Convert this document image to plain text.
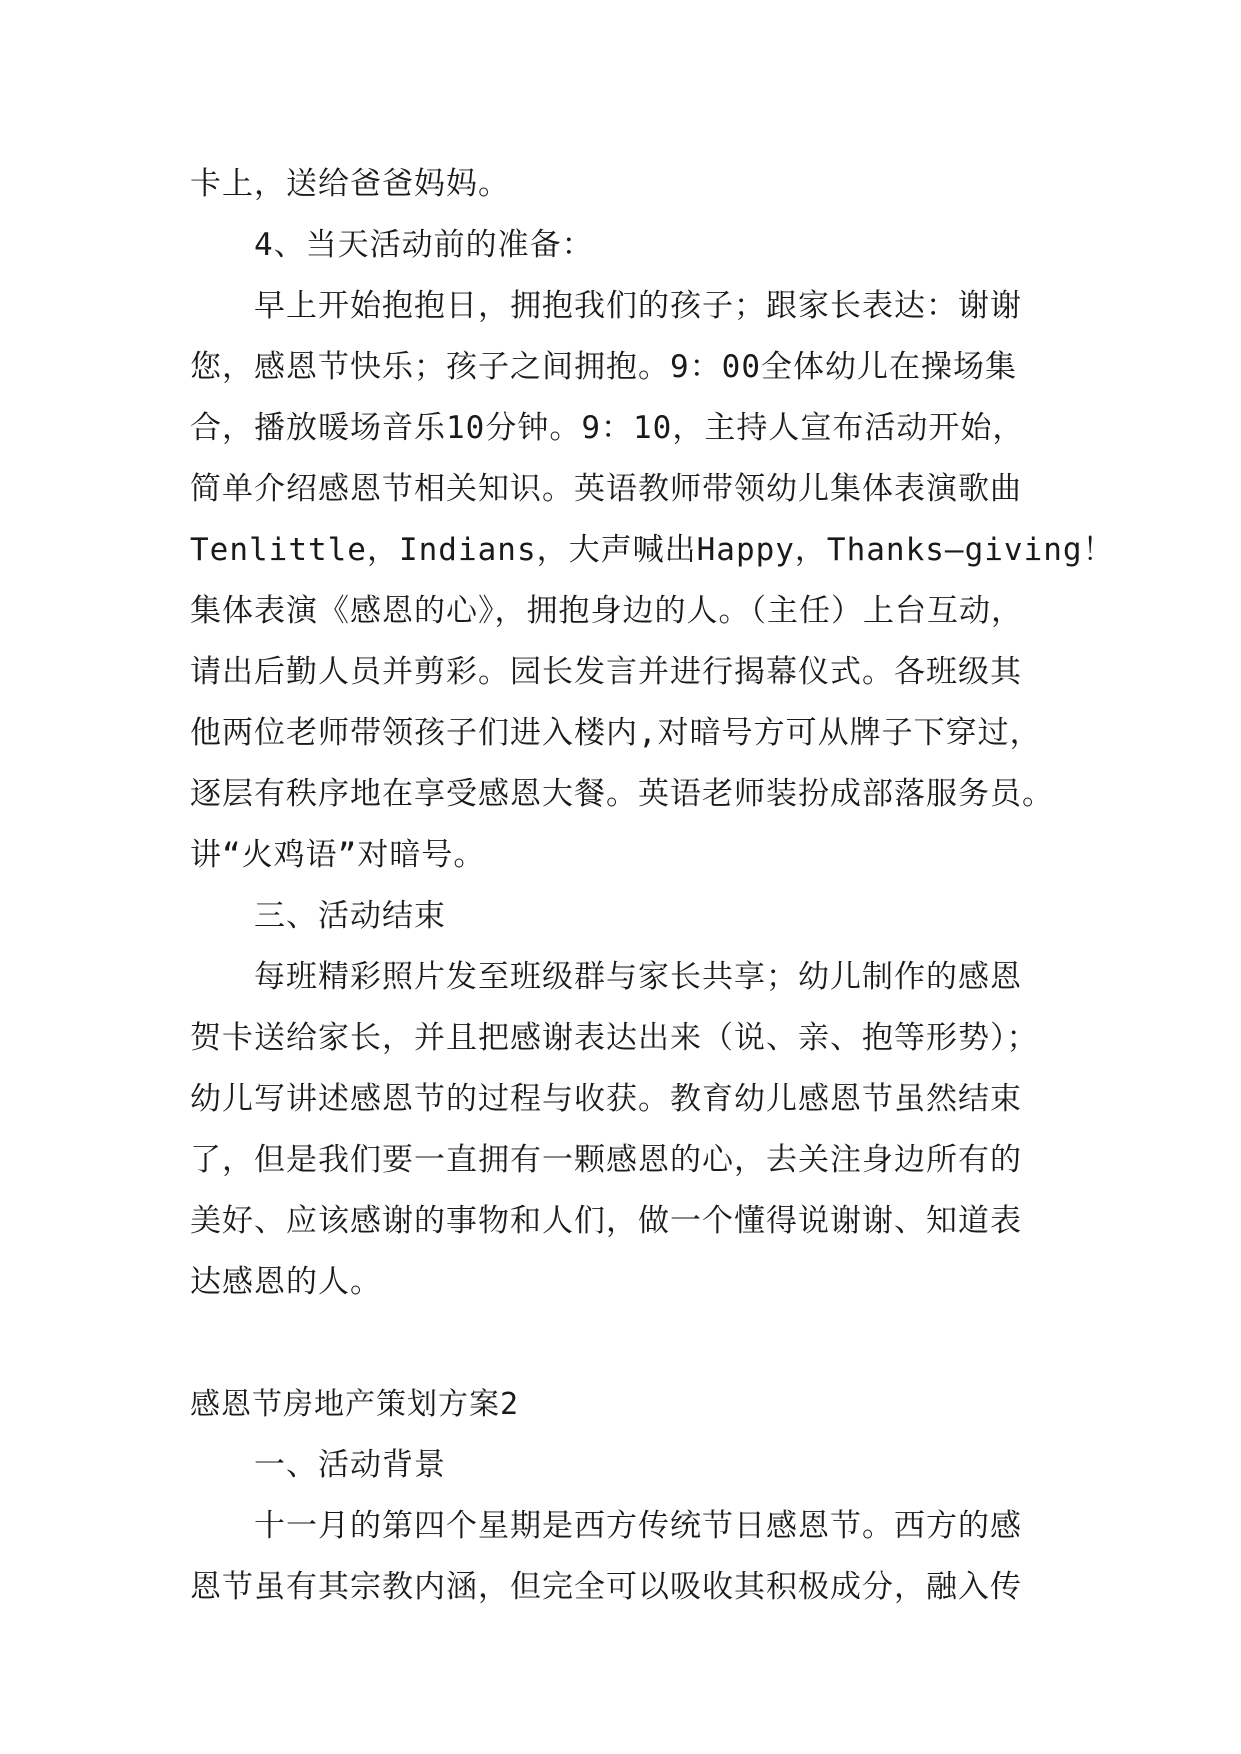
卡上，送给爸爸妈妈。
4、当天活动前的准备：
早上开始抱抱日，拥抱我们的孩子；跟家长表达：谢谢
您，感恩节快乐；孩子之间拥抱。9：00全体幼儿在操场集
合，播放暖场音乐10分钟。9：10，主持人宣布活动开始，
简单介绍感恩节相关知识。英语教师带领幼儿集体表演歌曲
Tenlittle，Indians，大声喊出Happy，Thanks—giving！
集体表演《感恩的心》，拥抱身边的人。（主任）上台互动，
请出后勤人员并剪彩。园长发言并进行揭幕仪式。各班级其
他两位老师带领孩子们进入楼内,对暗号方可从牌子下穿过，
逐层有秩序地在享受感恩大餐。英语老师装扮成部落服务员。
讲“火鸡语”对暗号。
三、活动结束
每班精彩照片发至班级群与家长共享；幼儿制作的感恩
贺卡送给家长，并且把感谢表达出来（说、亲、抱等形势）；
幼儿写讲述感恩节的过程与收获。教育幼儿感恩节虽然结束
了，但是我们要一直拥有一颗感恩的心，去关注身边所有的
美好、应该感谢的事物和人们，做一个懂得说谢谢、知道表
达感恩的人。
感恩节房地产策划方案2
一、活动背景
十一月的第四个星期是西方传统节日感恩节。西方的感
恩节虽有其宗教内涵，但完全可以吸收其积极成分，融入传
